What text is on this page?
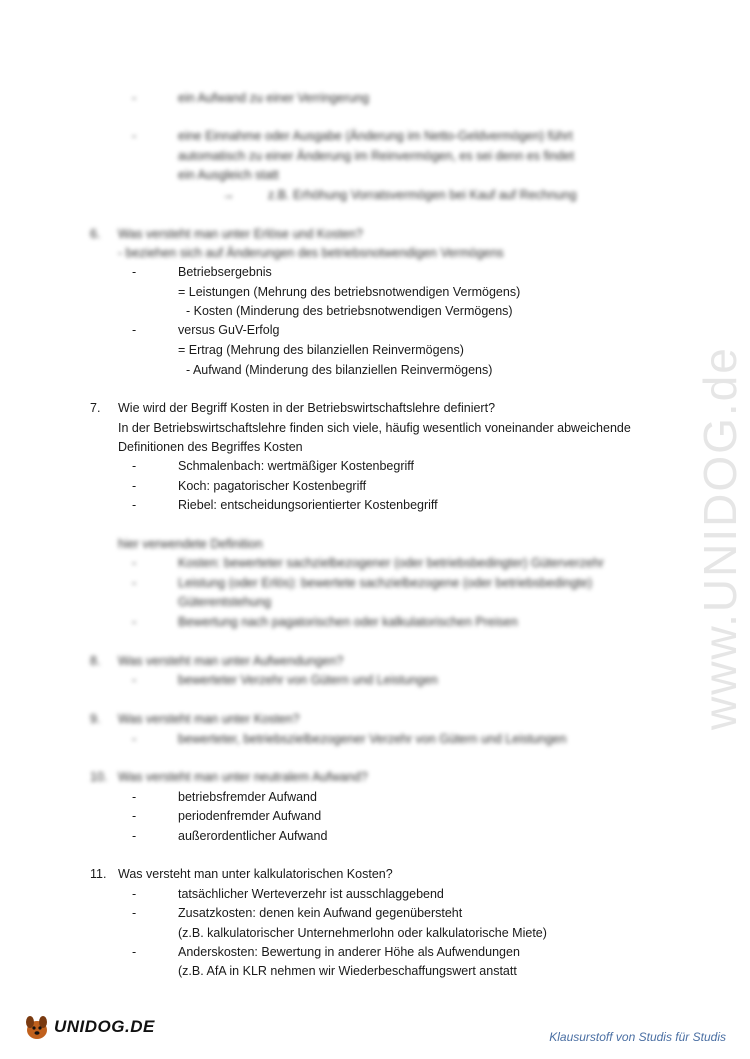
www.UNIDOG.de
-	ein Aufwand zu einer Verringerung
-	eine Einnahme oder Ausgabe (Änderung im Netto-Geldvermögen) führt
automatisch zu einer Änderung im Reinvermögen, es sei denn es findet
ein Ausgleich statt
→	z.B. Erhöhung Vorratsvermögen bei Kauf auf Rechnung
6. Was versteht man unter Erlöse und Kosten?
- beziehen sich auf Änderungen des betriebsnotwendigen Vermögens
-	Betriebsergebnis
= Leistungen (Mehrung des betriebsnotwendigen Vermögens)
- Kosten (Minderung des betriebsnotwendigen Vermögens)
-	versus GuV-Erfolg
= Ertrag (Mehrung des bilanziellen Reinvermögens)
- Aufwand (Minderung des bilanziellen Reinvermögens)
7. Wie wird der Begriff Kosten in der Betriebswirtschaftslehre definiert?
In der Betriebswirtschaftslehre finden sich viele, häufig wesentlich voneinander abweichende
Definitionen des Begriffes Kosten
-	Schmalenbach: wertmäßiger Kostenbegriff
-	Koch: pagatorischer Kostenbegriff
-	Riebel: entscheidungsorientierter Kostenbegriff
hier verwendete Definition
-	Kosten: bewerteter sachzielbezogener (oder betriebsbedingter) Güterverzehr
-	Leistung (oder Erlös): bewertete sachzielbezogene (oder betriebsbedingte)
Güterentstehung
-	Bewertung nach pagatorischen oder kalkulatorischen Preisen
8. Was versteht man unter Aufwendungen?
-	bewerteter Verzehr von Gütern und Leistungen
9. Was versteht man unter Kosten?
-	bewerteter, betriebszielbezogener Verzehr von Gütern und Leistungen
10. Was versteht man unter neutralem Aufwand?
-	betriebsfremder Aufwand
-	periodenfremder Aufwand
-	außerordentlicher Aufwand
11. Was versteht man unter kalkulatorischen Kosten?
-	tatsächlicher Werteverzehr ist ausschlaggebend
-	Zusatzkosten: denen kein Aufwand gegenübersteht
(z.B. kalkulatorischer Unternehmerlohn oder kalkulatorische Miete)
-	Anderskosten: Bewertung in anderer Höhe als Aufwendungen
(z.B. AfA in KLR nehmen wir Wiederbeschaffungswert anstatt
UNIDOG.DE
Klausurstoff von Studis für Studis
